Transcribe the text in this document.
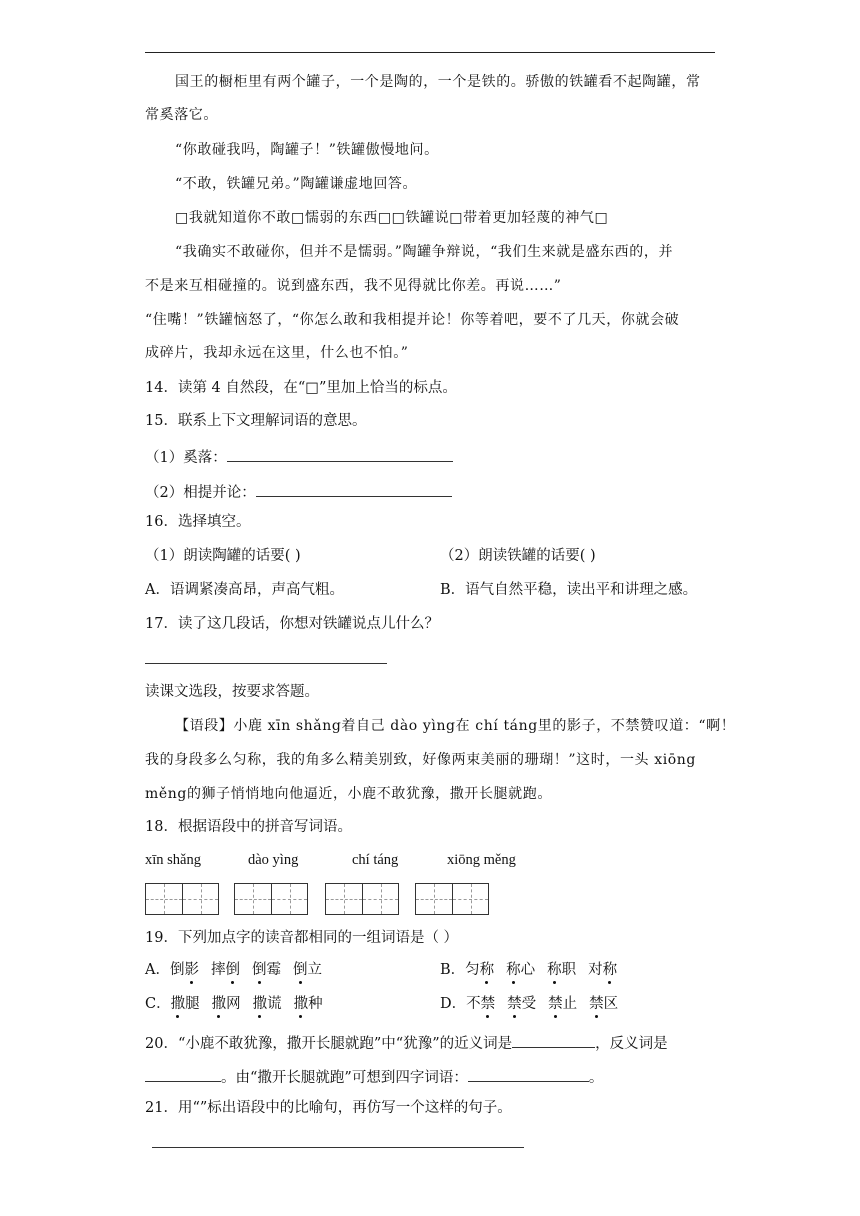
国王的橱柜里有两个罐子，一个是陶的，一个是铁的。骄傲的铁罐看不起陶罐，常
常奚落它。
“你敢碰我吗，陶罐子！”铁罐傲慢地问。
“不敢，铁罐兄弟。”陶罐谦虚地回答。
□我就知道你不敢□懦弱的东西□□铁罐说□带着更加轻蔑的神气□
“我确实不敢碰你，但并不是懦弱。”陶罐争辩说，“我们生来就是盛东西的，并
不是来互相碰撞的。说到盛东西，我不见得就比你差。再说……”
“住嘴！”铁罐恼怒了，“你怎么敢和我相提并论！你等着吧，要不了几天，你就会破
成碎片，我却永远在这里，什么也不怕。”
14．读第 4 自然段，在“□”里加上恰当的标点。
15．联系上下文理解词语的意思。
（1）奚落：
（2）相提并论：
16．选择填空。
（1）朗读陶罐的话要( )	（2）朗读铁罐的话要( )
A．语调紧凑高昂，声高气粗。	B．语气自然平稳，读出平和讲理之感。
17．读了这几段话，你想对铁罐说点儿什么？
读课文选段，按要求答题。
【语段】小鹿 xīn shǎng着自己 dào yìng在 chí táng里的影子，不禁赞叹道：“啊！
我的身段多么匀称，我的角多么精美别致，好像两束美丽的珊瑚！”这时，一头 xiōng
měng的狮子悄悄地向他逼近，小鹿不敢犹豫，撒开长腿就跑。
18．根据语段中的拼音写词语。
xīn shǎng	dào yìng	chí táng	xiōng měng
19．下列加点字的读音都相同的一组词语是（ ）
20．“小鹿不敢犹豫，撒开长腿就跑”中“犹豫”的近义词是	，反义词是
。由“撒开长腿就跑”可想到四字词语：	。
21．用“”标出语段中的比喻句，再仿写一个这样的句子。
A．倒影 摔倒 倒霉 倒立	B．匀称 称心 称职 对称
C．撒腿 撒网 撒谎 撒种	D．不禁 禁受 禁止 禁区
